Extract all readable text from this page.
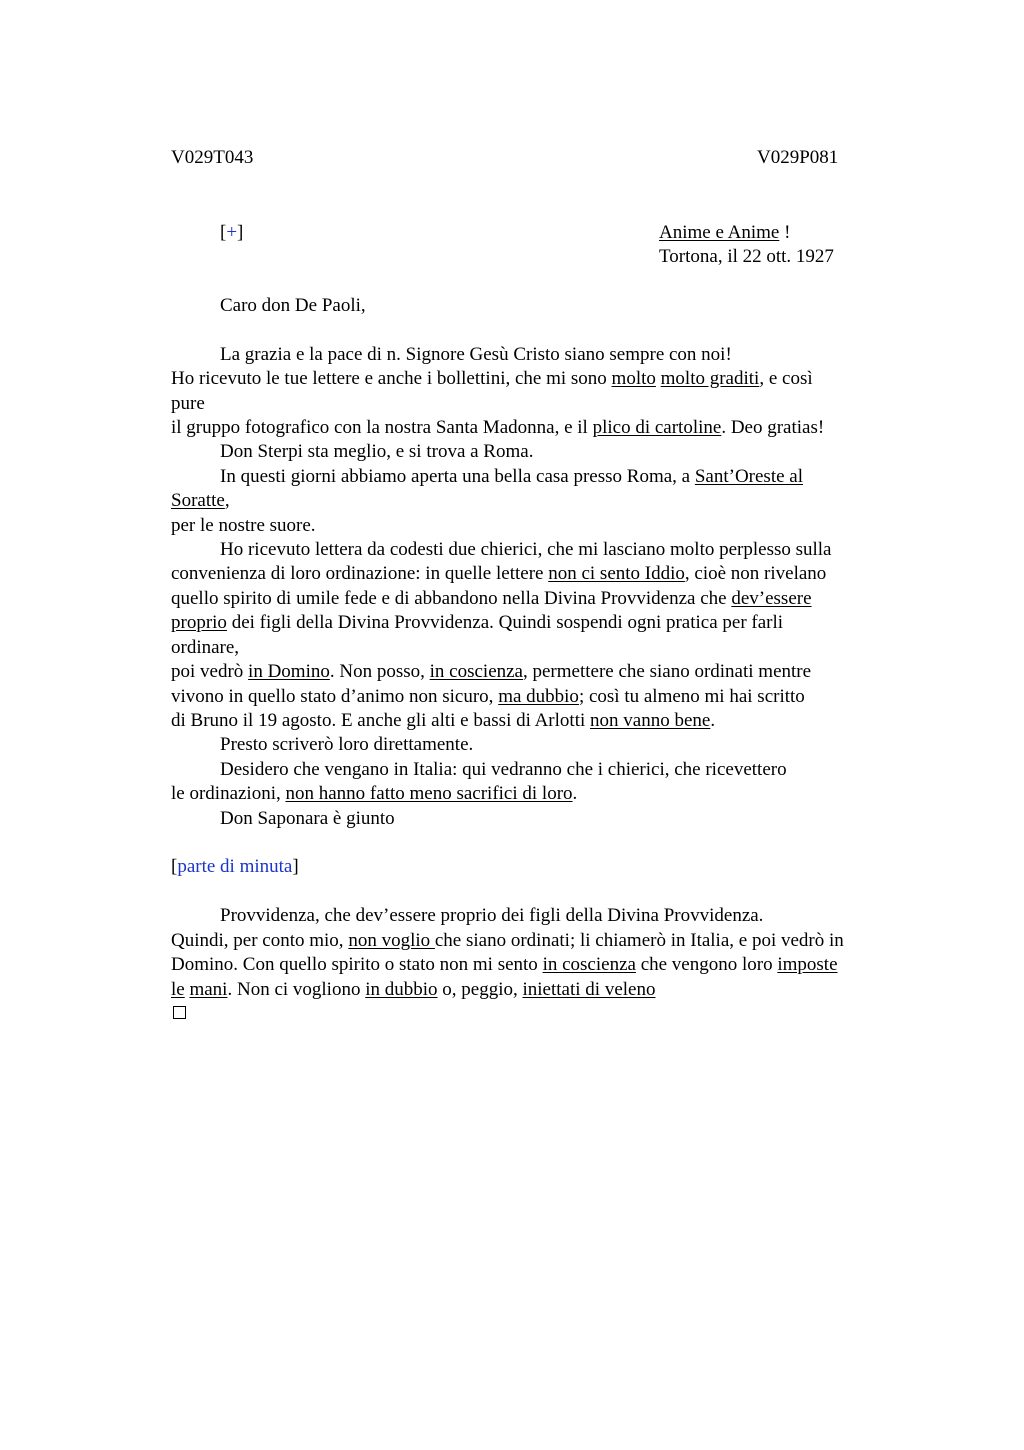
V029T043	V029P081
[+]	Anime e Anime !
Tortona, il 22 ott. 1927
Caro don De Paoli,
La grazia e la pace di n. Signore Gesù Cristo siano sempre con noi!
Ho ricevuto le tue lettere e anche i bollettini, che mi sono molto molto graditi, e così
pure
il gruppo fotografico con la nostra Santa Madonna, e il plico di cartoline. Deo gratias!
Don Sterpi sta meglio, e si trova a Roma.
In questi giorni abbiamo aperta una bella casa presso Roma, a Sant’Oreste al
Soratte,
per le nostre suore.
Ho ricevuto lettera da codesti due chierici, che mi lasciano molto perplesso sulla
convenienza di loro ordinazione: in quelle lettere non ci sento Iddio, cioè non rivelano
quello spirito di umile fede e di abbandono nella Divina Provvidenza che dev’essere
proprio dei figli della Divina Provvidenza. Quindi sospendi ogni pratica per farli
ordinare,
poi vedrò in Domino. Non posso, in coscienza, permettere che siano ordinati mentre
vivono in quello stato d’animo non sicuro, ma dubbio; così tu almeno mi hai scritto
di Bruno il 19 agosto. E anche gli alti e bassi di Arlotti non vanno bene.
Presto scriverò loro direttamente.
Desidero che vengano in Italia: qui vedranno che i chierici, che ricevettero
le ordinazioni, non hanno fatto meno sacrifici di loro.
Don Saponara è giunto
[parte di minuta]
Provvidenza, che dev’essere proprio dei figli della Divina Provvidenza.
Quindi, per conto mio, non voglio che siano ordinati; li chiamerò in Italia, e poi vedrò in
Domino. Con quello spirito o stato non mi sento in coscienza che vengono loro imposte
le mani. Non ci vogliono in dubbio o, peggio, iniettati di veleno
